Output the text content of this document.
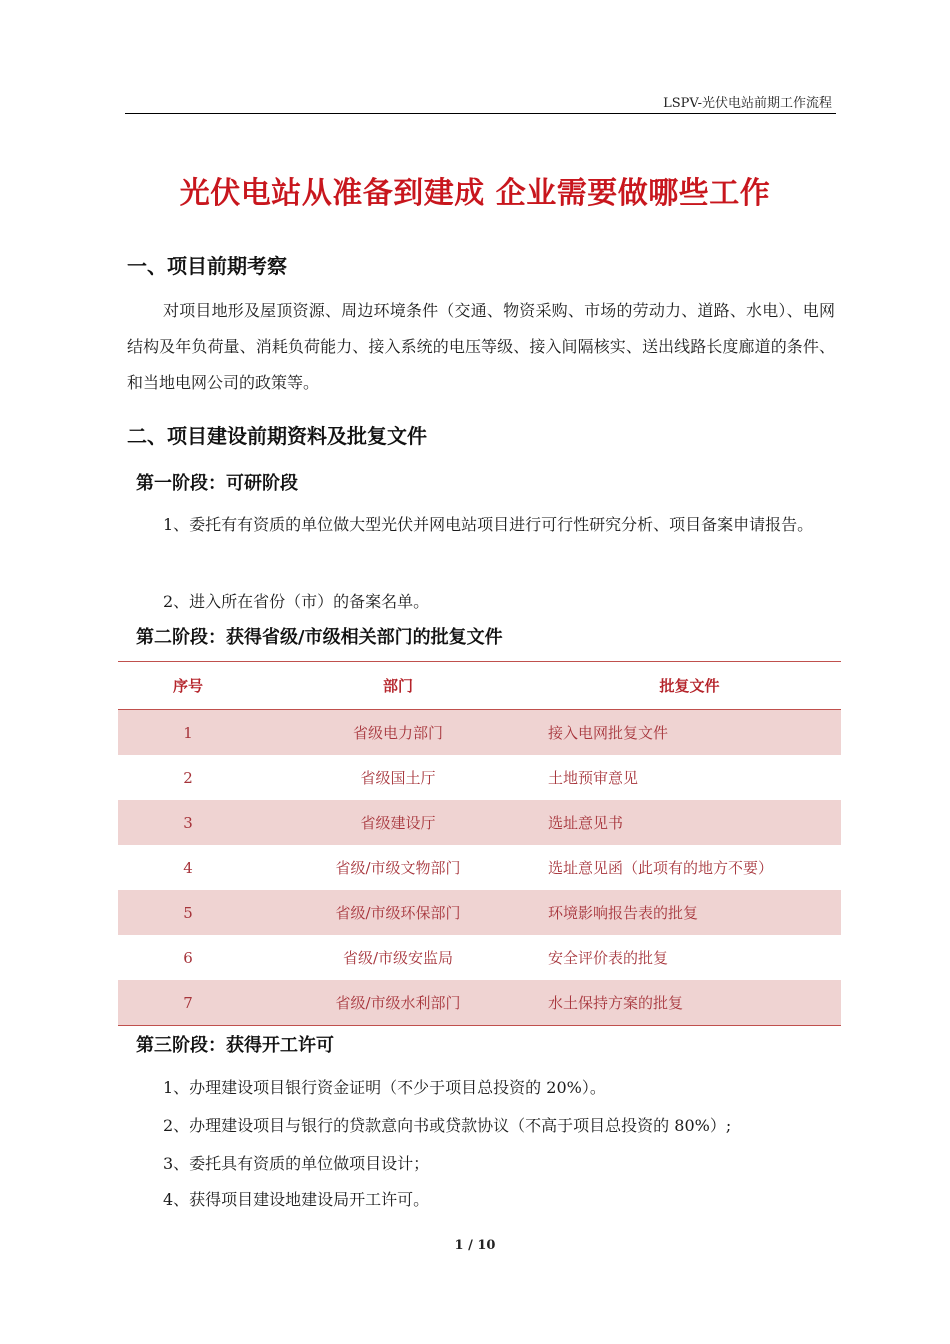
LSPV-光伏电站前期工作流程
光伏电站从准备到建成 企业需要做哪些工作
一、项目前期考察
对项目地形及屋顶资源、周边环境条件（交通、物资采购、市场的劳动力、道路、水电）、电网结构及年负荷量、消耗负荷能力、接入系统的电压等级、接入间隔核实、送出线路长度廊道的条件、和当地电网公司的政策等。
二、项目建设前期资料及批复文件
第一阶段：可研阶段
1、委托有有资质的单位做大型光伏并网电站项目进行可行性研究分析、项目备案申请报告。
2、进入所在省份（市）的备案名单。
第二阶段：获得省级/市级相关部门的批复文件
序号	部门	批复文件
1	省级电力部门	接入电网批复文件
2	省级国土厅	土地预审意见
3	省级建设厅	选址意见书
4	省级/市级文物部门	选址意见函（此项有的地方不要）
5	省级/市级环保部门	环境影响报告表的批复
6	省级/市级安监局	安全评价表的批复
7	省级/市级水利部门	水土保持方案的批复
第三阶段：获得开工许可
1、办理建设项目银行资金证明（不少于项目总投资的 20%）。
2、办理建设项目与银行的贷款意向书或贷款协议（不高于项目总投资的 80%）;
3、委托具有资质的单位做项目设计；
4、获得项目建设地建设局开工许可。
1 / 10
